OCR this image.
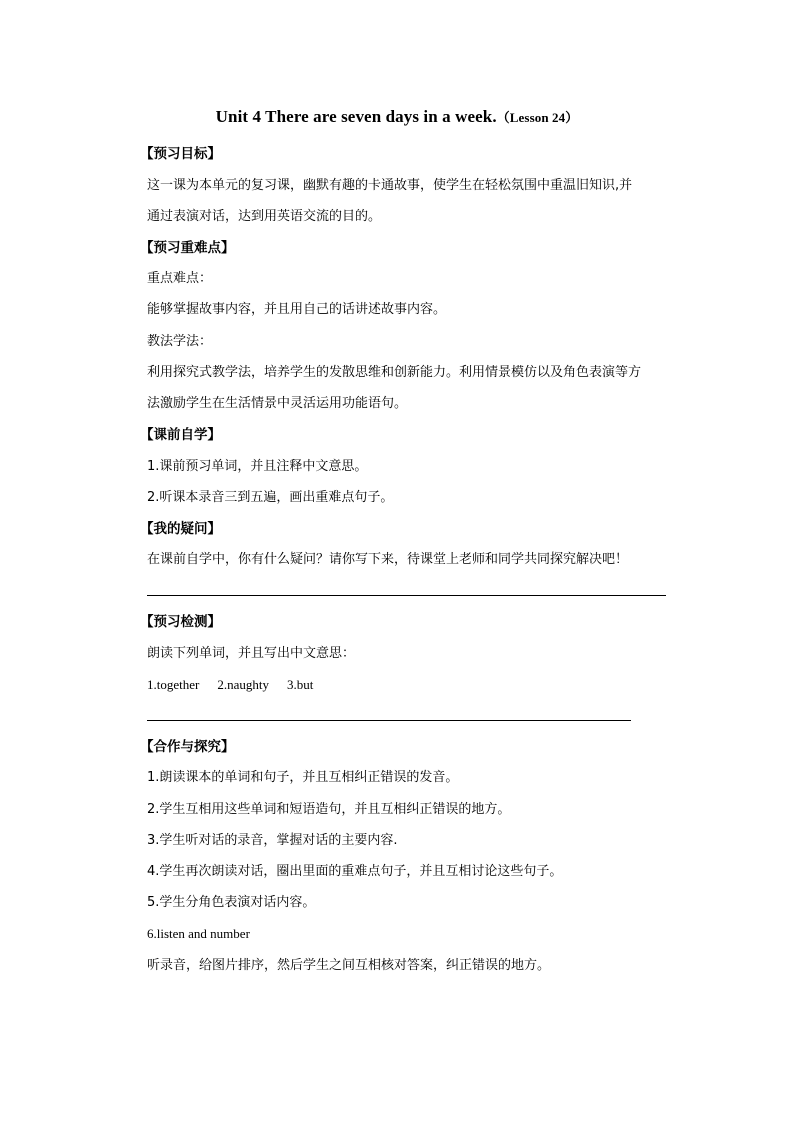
Unit 4 There are seven days in a week.（Lesson 24）
【预习目标】
这一课为本单元的复习课，幽默有趣的卡通故事，使学生在轻松氛围中重温旧知识,并
通过表演对话，达到用英语交流的目的。
【预习重难点】
重点难点：
能够掌握故事内容，并且用自己的话讲述故事内容。
教法学法：
利用探究式教学法，培养学生的发散思维和创新能力。利用情景模仿以及角色表演等方
法激励学生在生活情景中灵活运用功能语句。
【课前自学】
1.课前预习单词，并且注释中文意思。
2.听课本录音三到五遍，画出重难点句子。
【我的疑问】
在课前自学中，你有什么疑问？请你写下来，待课堂上老师和同学共同探究解决吧！
【预习检测】
朗读下列单词，并且写出中文意思：
1.together 2.naughty 3.but
【合作与探究】
1.朗读课本的单词和句子，并且互相纠正错误的发音。
2.学生互相用这些单词和短语造句，并且互相纠正错误的地方。
3.学生听对话的录音，掌握对话的主要内容.
4.学生再次朗读对话，圈出里面的重难点句子，并且互相讨论这些句子。
5.学生分角色表演对话内容。
6.listen and number
听录音，给图片排序，然后学生之间互相核对答案，纠正错误的地方。
